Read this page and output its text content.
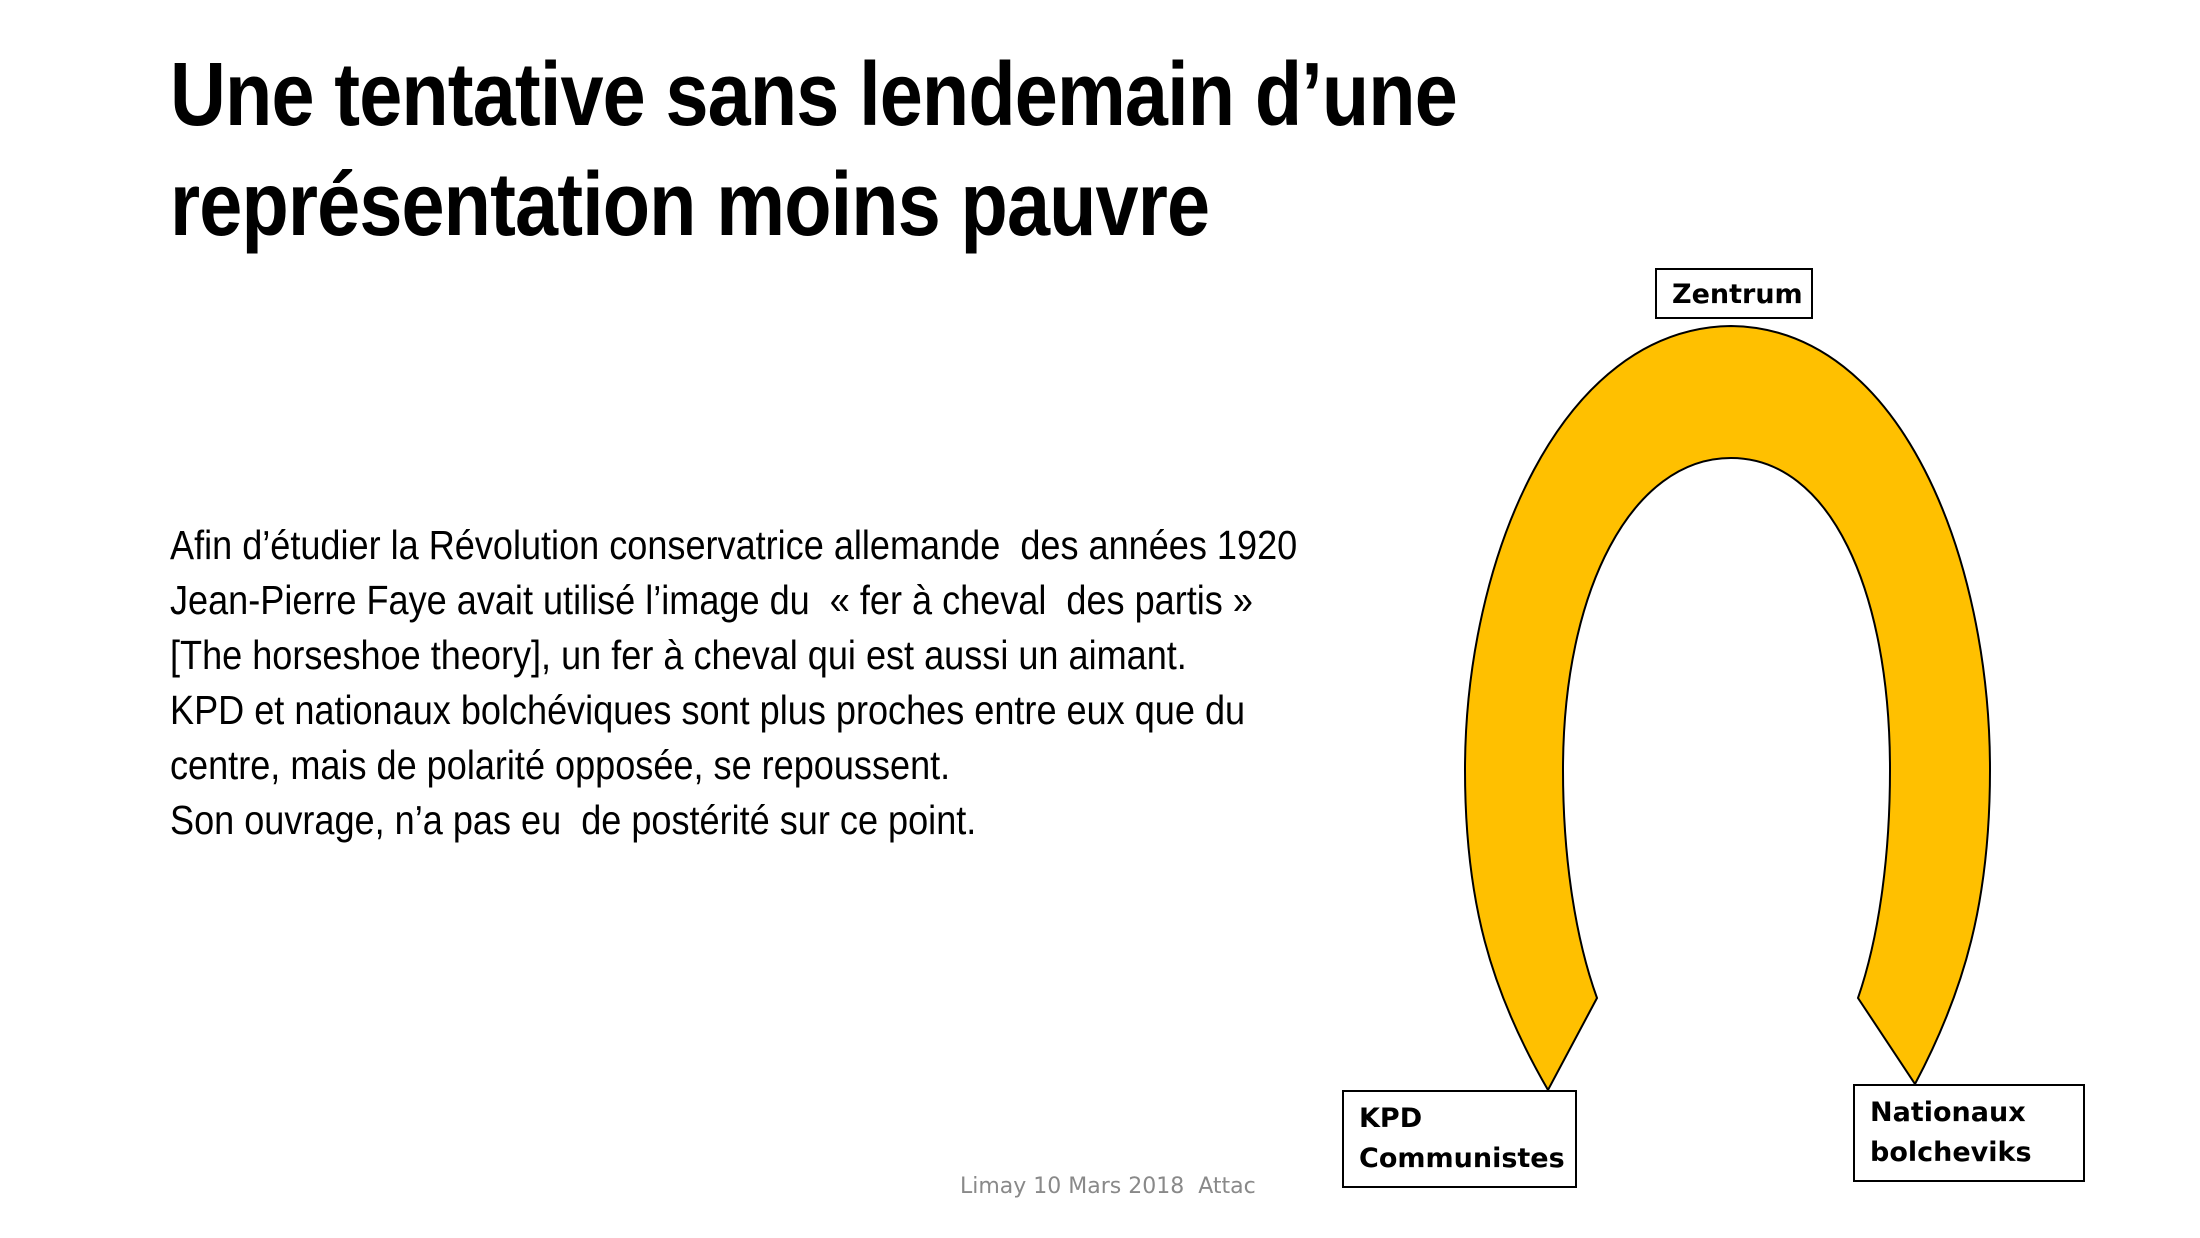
Une tentative sans lendemain d’une
représentation moins pauvre

Afin d’étudier la Révolution conservatrice allemande  des années 1920

Jean-Pierre Faye avait utilisé l’image du  « fer à cheval  des partis »

[The horseshoe theory], un fer à cheval qui est aussi un aimant.

KPD et nationaux bolchéviques sont plus proches entre eux que du

centre, mais de polarité opposée, se repoussent.

Son ouvrage, n’a pas eu  de postérité sur ce point.

Zentrum
KPD
Communistes
Nationaux
bolcheviks
Limay 10 Mars 2018  Attac
